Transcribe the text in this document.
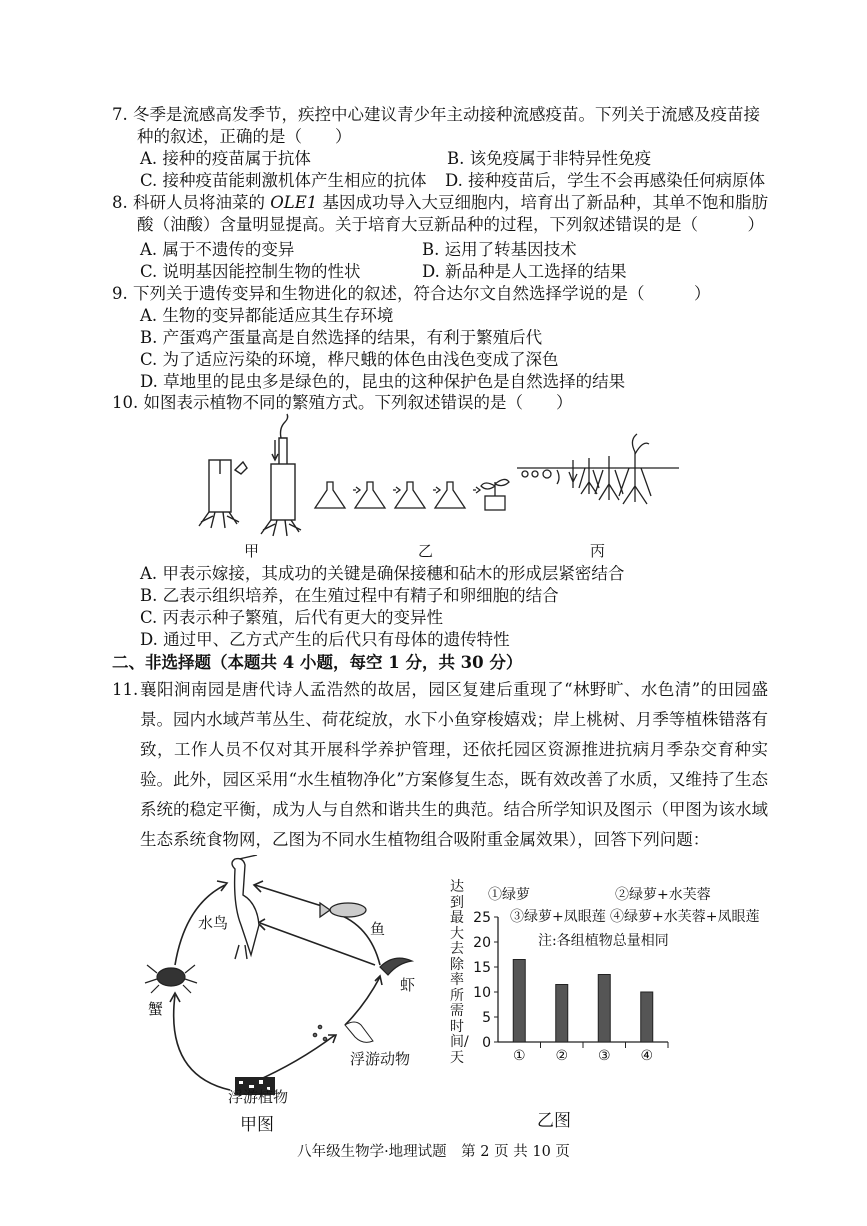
7. 冬季是流感高发季节，疾控中心建议青少年主动接种流感疫苗。下列关于流感及疫苗接
种的叙述，正确的是（　　）
A. 接种的疫苗属于抗体	B. 该免疫属于非特异性免疫
C. 接种疫苗能刺激机体产生相应的抗体 D. 接种疫苗后，学生不会再感染任何病原体
8. 科研人员将油菜的 OLE1 基因成功导入大豆细胞内，培育出了新品种，其单不饱和脂肪
酸（油酸）含量明显提高。关于培育大豆新品种的过程，下列叙述错误的是（　　　）
A. 属于不遗传的变异	B. 运用了转基因技术
C. 说明基因能控制生物的性状	D. 新品种是人工选择的结果
9. 下列关于遗传变异和生物进化的叙述，符合达尔文自然选择学说的是（　　　）
A. 生物的变异都能适应其生存环境
B. 产蛋鸡产蛋量高是自然选择的结果，有利于繁殖后代
C. 为了适应污染的环境，桦尺蛾的体色由浅色变成了深色
D. 草地里的昆虫多是绿色的，昆虫的这种保护色是自然选择的结果
10. 如图表示植物不同的繁殖方式。下列叙述错误的是（　　）
甲	乙	丙
A. 甲表示嫁接，其成功的关键是确保接穗和砧木的形成层紧密结合
B. 乙表示组织培养，在生殖过程中有精子和卵细胞的结合
C. 丙表示种子繁殖，后代有更大的变异性
D. 通过甲、乙方式产生的后代只有母体的遗传特性
二、非选择题（本题共 4 小题，每空 1 分，共 30 分）
11. 襄阳涧南园是唐代诗人孟浩然的故居，园区复建后重现了“林野旷、水色清”的田园盛景。园内水域芦苇丛生、荷花绽放，水下小鱼穿梭嬉戏；岸上桃树、月季等植株错落有致，工作人员不仅对其开展科学养护管理，还依托园区资源推进抗病月季杂交育种实验。此外，园区采用“水生植物净化”方案修复生态，既有效改善了水质，又维持了生态系统的稳定平衡，成为人与自然和谐共生的典范。结合所学知识及图示（甲图为该水域生态系统食物网，乙图为不同水生植物组合吸附重金属效果），回答下列问题：
水鸟	鱼
虾
蟹
浮游动物
浮游植物
甲图
①绿萝	②绿萝+水芙蓉
③绿萝+凤眼莲 ④绿萝+水芙蓉+凤眼莲
注:各组植物总量相同
达到最大去除率所需时间/天
乙图
0
5
10
15
20
25
① ② ③ ④
八年级生物学·地理试题　第 2 页 共 10 页
